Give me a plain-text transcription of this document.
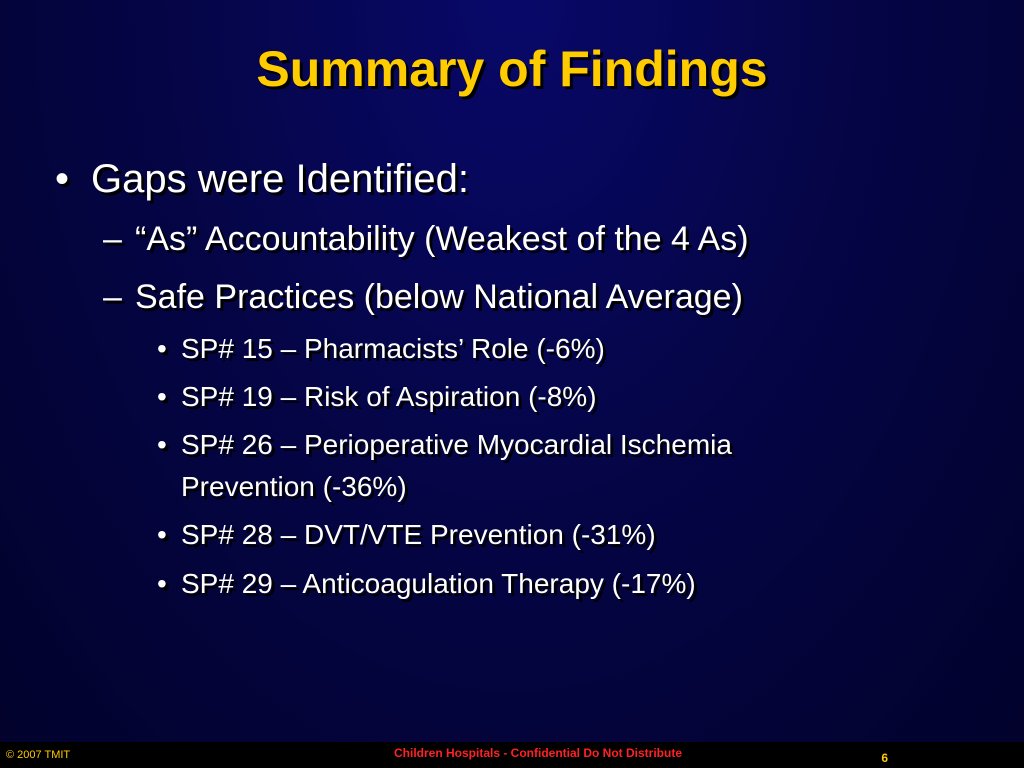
Summary of Findings
• Gaps were Identified:
– “As” Accountability (Weakest of the 4 As)
– Safe Practices (below National Average)
• SP# 15 – Pharmacists’ Role (-6%)
• SP# 19 – Risk of Aspiration (-8%)
• SP# 26 – Perioperative Myocardial Ischemia
Prevention (-36%)
• SP# 28 – DVT/VTE Prevention (-31%)
• SP# 29 – Anticoagulation Therapy (-17%)
© 2007 TMIT	Children Hospitals - Confidential Do Not Distribute	6
